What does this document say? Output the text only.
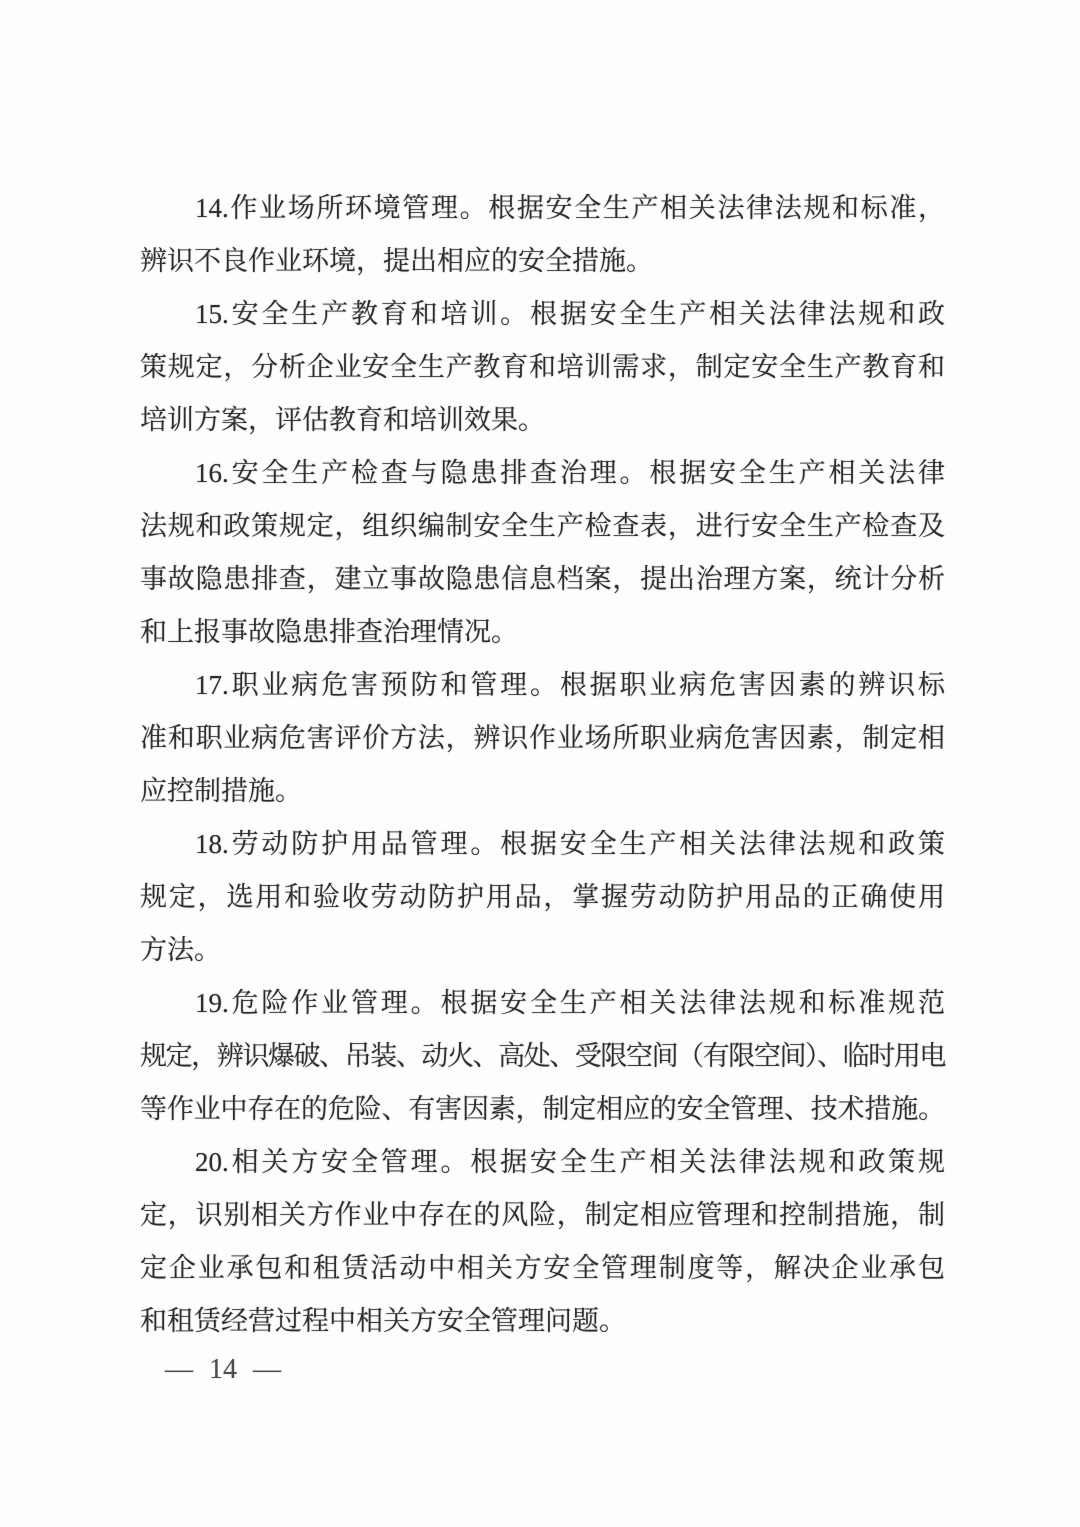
14.作业场所环境管理。根据安全生产相关法律法规和标准，
辨识不良作业环境，提出相应的安全措施。
15.安全生产教育和培训。根据安全生产相关法律法规和政
策规定，分析企业安全生产教育和培训需求，制定安全生产教育和
培训方案，评估教育和培训效果。
16.安全生产检查与隐患排查治理。根据安全生产相关法律
法规和政策规定，组织编制安全生产检查表，进行安全生产检查及
事故隐患排查，建立事故隐患信息档案，提出治理方案，统计分析
和上报事故隐患排查治理情况。
17.职业病危害预防和管理。根据职业病危害因素的辨识标
准和职业病危害评价方法，辨识作业场所职业病危害因素，制定相
应控制措施。
18.劳动防护用品管理。根据安全生产相关法律法规和政策
规定，选用和验收劳动防护用品，掌握劳动防护用品的正确使用
方法。
19.危险作业管理。根据安全生产相关法律法规和标准规范
规定，辨识爆破、吊装、动火、高处、受限空间（有限空间）、临时用电
等作业中存在的危险、有害因素，制定相应的安全管理、技术措施。
20.相关方安全管理。根据安全生产相关法律法规和政策规
定，识别相关方作业中存在的风险，制定相应管理和控制措施，制
定企业承包和租赁活动中相关方安全管理制度等，解决企业承包
和租赁经营过程中相关方安全管理问题。
— 14 —
